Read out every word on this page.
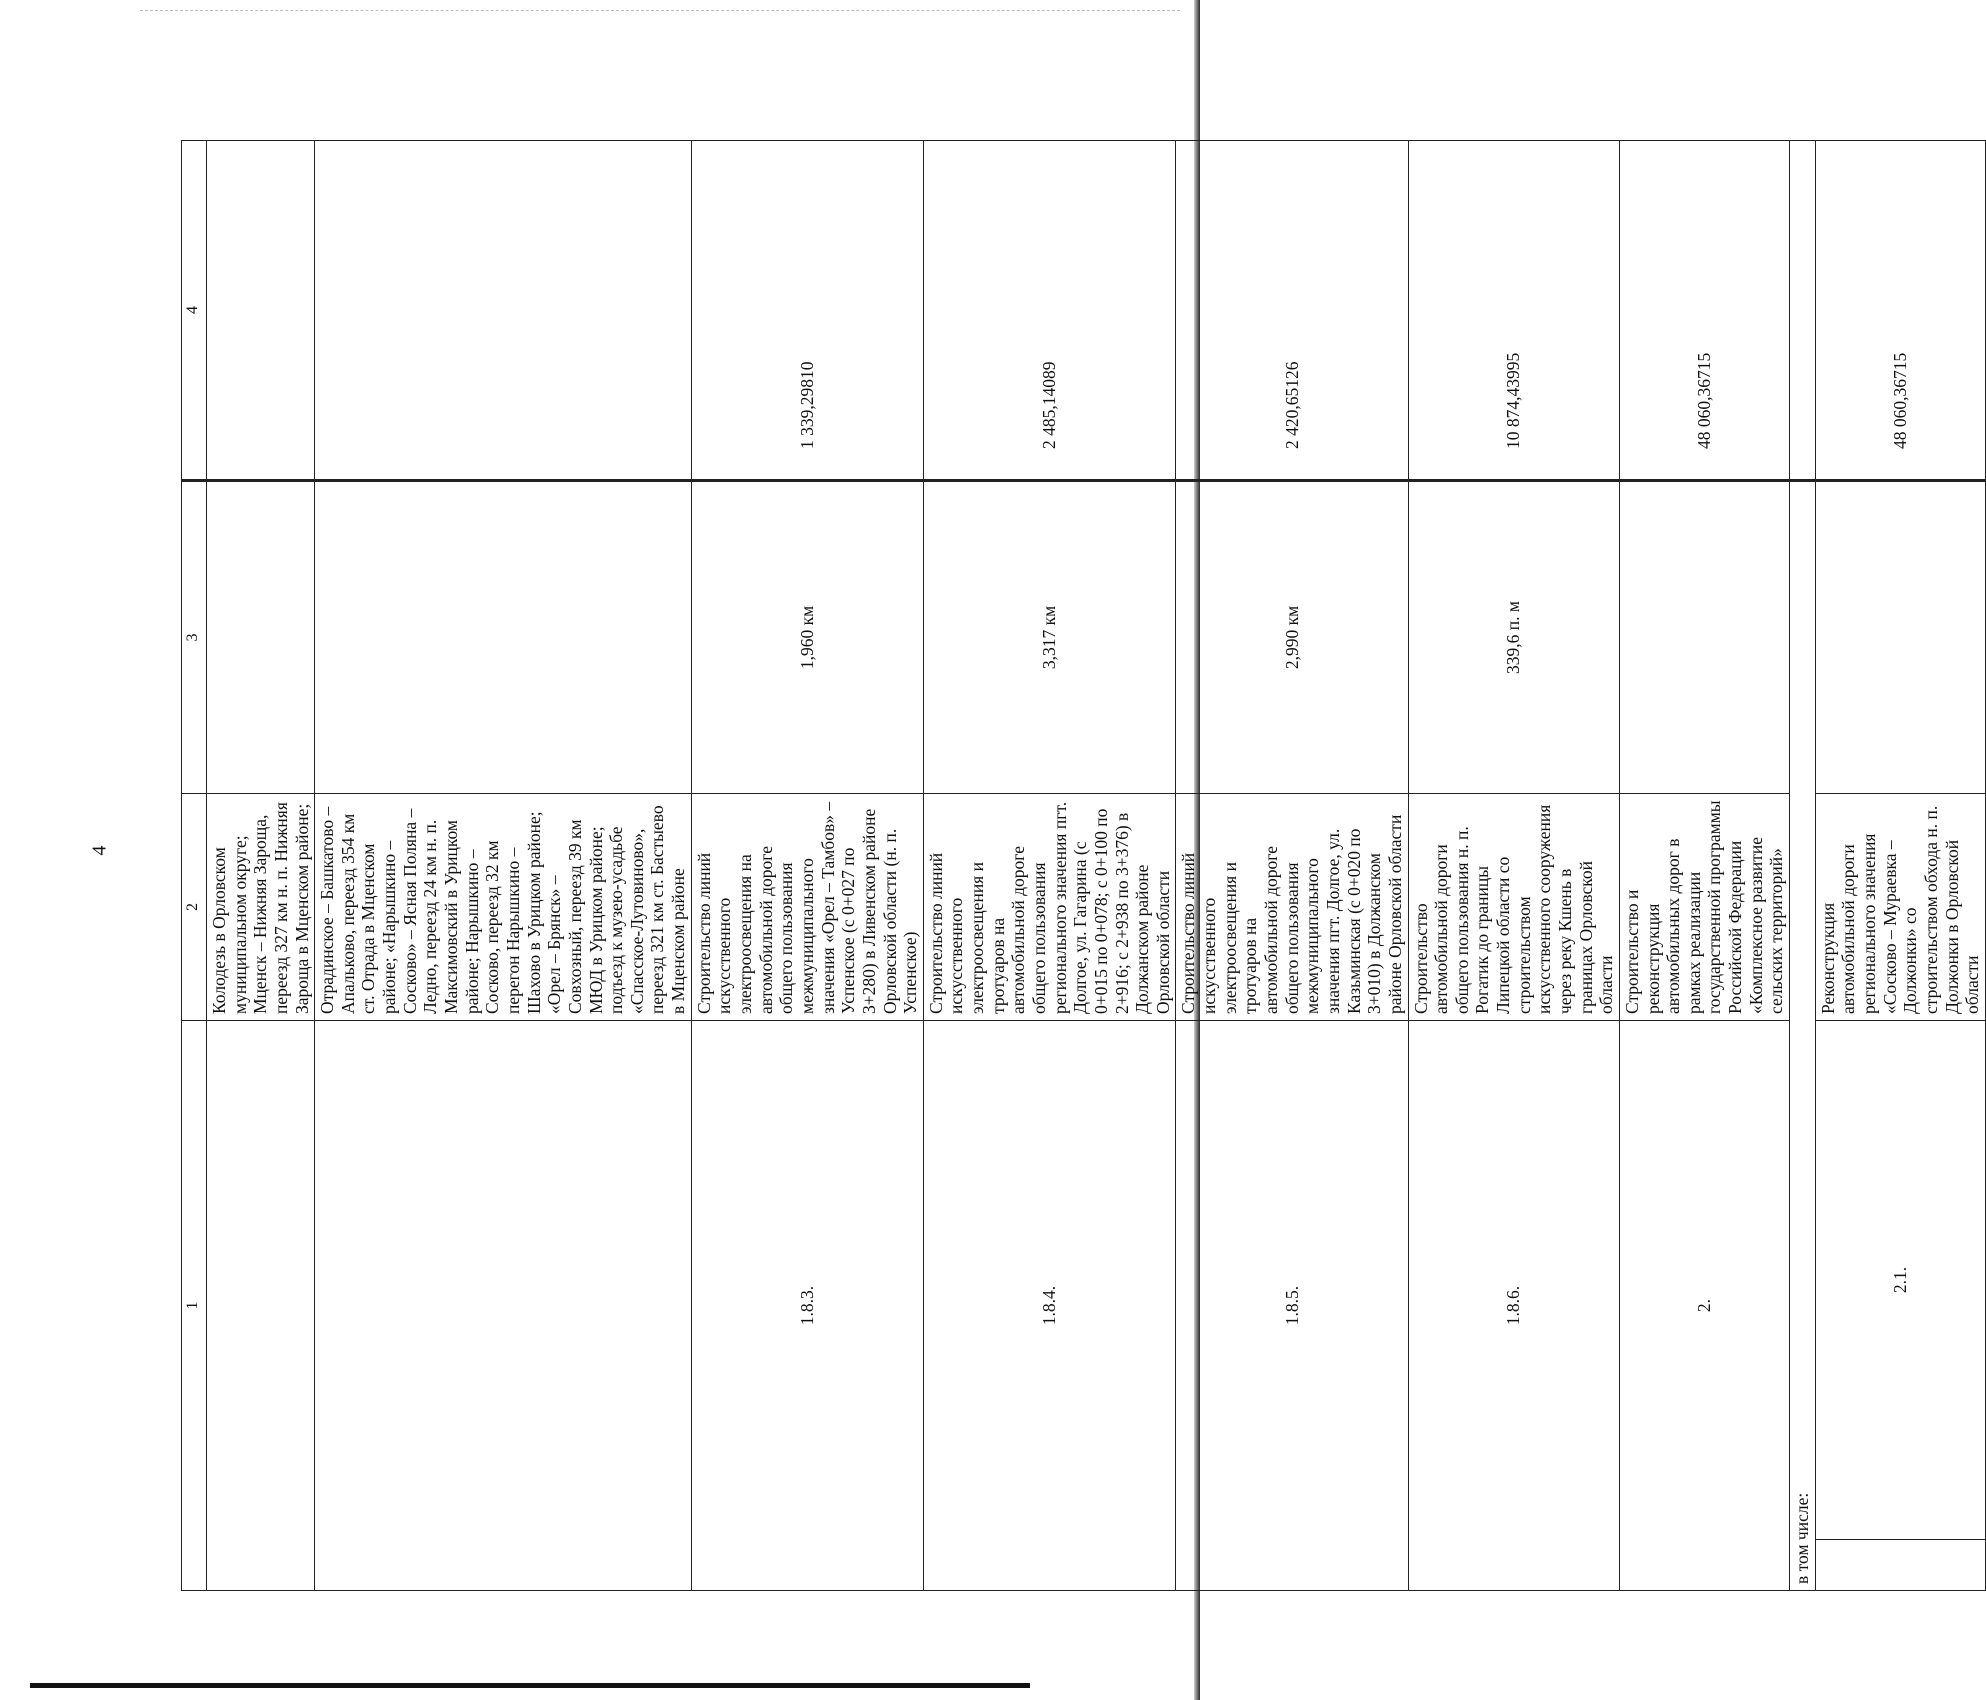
4
1		2	3	4
		Колодезь в Орловском муниципальном округе; Мценск – Нижняя Зароща, переезд 327 км н. п. Нижняя Зароща в Мценском районе;		
		Отрадинское – Башкатово – Апальково, переезд 354 км ст. Отрада в Мценском районе; «Нарышкино – Сосково» – Ясная Поляна – Ледно, переезд 24 км н. п. Максимовский в Урицком районе; Нарышкино – Сосково, переезд 32 км перегон Нарышкино – Шахово в Урицком районе; «Орел – Брянск» – Совхозный, переезд 39 км МЮД в Урицком районе; подъезд к музею-усадьбе «Спасское-Лутовиново», переезд 321 км ст. Бастыево в Мценском районе		
1.8.3.		Строительство линий искусственного электроосвещения на автомобильной дороге общего пользования межмуниципального значения «Орел – Тамбов» – Успенское (с 0+027 по 3+280) в Ливенском районе Орловской области (н. п. Успенское)	1,960 км	1 339,29810
1.8.4.		Строительство линий искусственного электроосвещения и тротуаров на автомобильной дороге общего пользования регионального значения пгт. Долгое, ул. Гагарина (с 0+015 по 0+078; с 0+100 по 2+916; с 2+938 по 3+376) в Должанском районе Орловской области	3,317 км	2 485,14089
1.8.5.		Строительство линий искусственного электроосвещения и тротуаров на автомобильной дороге общего пользования межмуниципального значения пгт. Долгое, ул. Казьминская (с 0+020 по 3+010) в Должанском районе Орловской области	2,990 км	2 420,65126
1.8.6.		Строительство автомобильной дороги общего пользования н. п. Рогатик до границы Липецкой области со строительством искусственного сооружения через реку Кшень в границах Орловской области	339,6 п. м	10 874,43995
2.		Строительство и реконструкция автомобильных дорог в рамках реализации государственной программы Российской Федерации «Комплексное развитие сельских территорий»		48 060,36715
в том числе:				
	2.1.	Реконструкция автомобильной дороги регионального значения «Сосково – Мураевка – Должонки» со строительством обхода н. п. Должонки в Орловской области		48 060,36715
